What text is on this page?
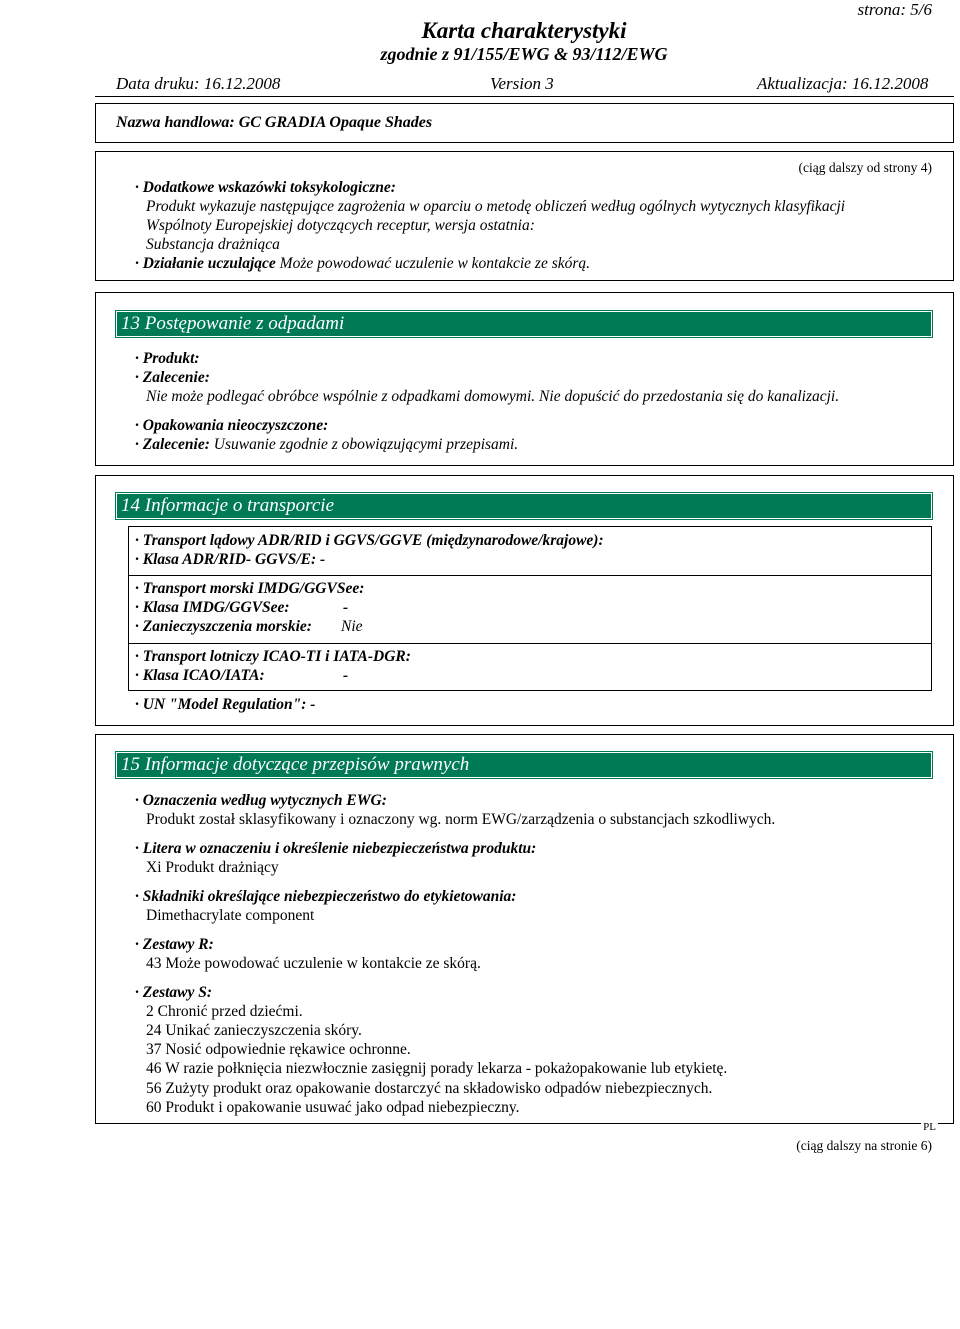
strona: 5/6
Karta charakterystyki
zgodnie z 91/155/EWG & 93/112/EWG
Data druku: 16.12.2008	Version 3	Aktualizacja: 16.12.2008
Nazwa handlowa: GC GRADIA Opaque Shades
(ciąg dalszy od strony 4)
· Dodatkowe wskazówki toksykologiczne:
Produkt wykazuje następujące zagrożenia w oparciu o metodę obliczeń według ogólnych wytycznych klasyfikacji
Wspólnoty Europejskiej dotyczących receptur, wersja ostatnia:
Substancja drażniąca
· Działanie uczulające Może powodować uczulenie w kontakcie ze skórą.
13 Postępowanie z odpadami
· Produkt:
· Zalecenie:
Nie może podlegać obróbce wspólnie z odpadkami domowymi. Nie dopuścić do przedostania się do kanalizacji.
· Opakowania nieoczyszczone:
· Zalecenie: Usuwanie zgodnie z obowiązującymi przepisami.
14 Informacje o transporcie
· Transport lądowy ADR/RID i GGVS/GGVE (międzynarodowe/krajowe):
· Klasa ADR/RID- GGVS/E: -
· Transport morski IMDG/GGVSee:
· Klasa IMDG/GGVSee:	-
· Zanieczyszczenia morskie: Nie
· Transport lotniczy ICAO-TI i IATA-DGR:
· Klasa ICAO/IATA:	-
· UN "Model Regulation": -
15 Informacje dotyczące przepisów prawnych
· Oznaczenia według wytycznych EWG:
Produkt został sklasyfikowany i oznaczony wg. norm EWG/zarządzenia o substancjach szkodliwych.
· Litera w oznaczeniu i określenie niebezpieczeństwa produktu:
Xi Produkt drażniący
· Składniki określające niebezpieczeństwo do etykietowania:
Dimethacrylate component
· Zestawy R:
43 Może powodować uczulenie w kontakcie ze skórą.
· Zestawy S:
2 Chronić przed dziećmi.
24 Unikać zanieczyszczenia skóry.
37 Nosić odpowiednie rękawice ochronne.
46 W razie połknięcia niezwłocznie zasięgnij porady lekarza - pokażopakowanie lub etykietę.
56 Zużyty produkt oraz opakowanie dostarczyć na składowisko odpadów niebezpiecznych.
60 Produkt i opakowanie usuwać jako odpad niebezpieczny.
PL
(ciąg dalszy na stronie 6)
